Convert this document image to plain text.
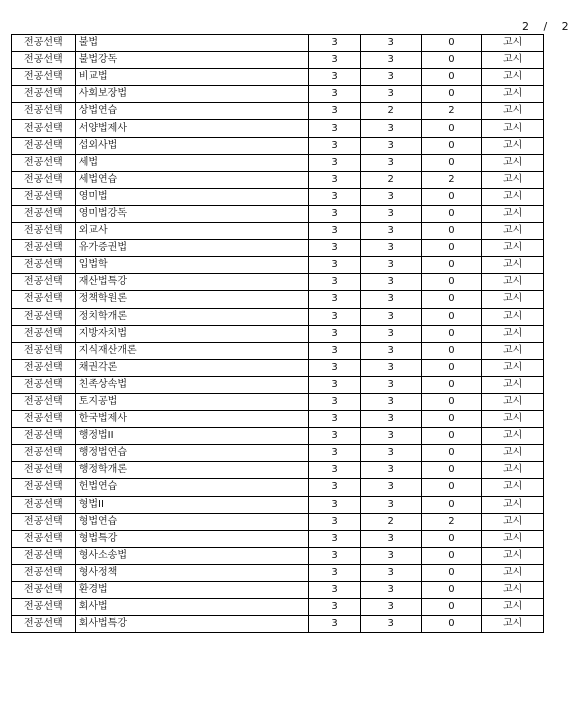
2   /   2
전공선택	불법	3	3	0	고시
전공선택	불법강독	3	3	0	고시
전공선택	비교법	3	3	0	고시
전공선택	사회보장법	3	3	0	고시
전공선택	상법연습	3	2	2	고시
전공선택	서양법제사	3	3	0	고시
전공선택	섭외사법	3	3	0	고시
전공선택	세법	3	3	0	고시
전공선택	세법연습	3	2	2	고시
전공선택	영미법	3	3	0	고시
전공선택	영미법강독	3	3	0	고시
전공선택	외교사	3	3	0	고시
전공선택	유가증권법	3	3	0	고시
전공선택	입법학	3	3	0	고시
전공선택	재산법특강	3	3	0	고시
전공선택	정책학원론	3	3	0	고시
전공선택	정치학개론	3	3	0	고시
전공선택	지방자치법	3	3	0	고시
전공선택	지식재산개론	3	3	0	고시
전공선택	채권각론	3	3	0	고시
전공선택	친족상속법	3	3	0	고시
전공선택	토지공법	3	3	0	고시
전공선택	한국법제사	3	3	0	고시
전공선택	행정법II	3	3	0	고시
전공선택	행정법연습	3	3	0	고시
전공선택	행정학개론	3	3	0	고시
전공선택	헌법연습	3	3	0	고시
전공선택	형법II	3	3	0	고시
전공선택	형법연습	3	2	2	고시
전공선택	형법특강	3	3	0	고시
전공선택	형사소송법	3	3	0	고시
전공선택	형사정책	3	3	0	고시
전공선택	환경법	3	3	0	고시
전공선택	회사법	3	3	0	고시
전공선택	회사법특강	3	3	0	고시
